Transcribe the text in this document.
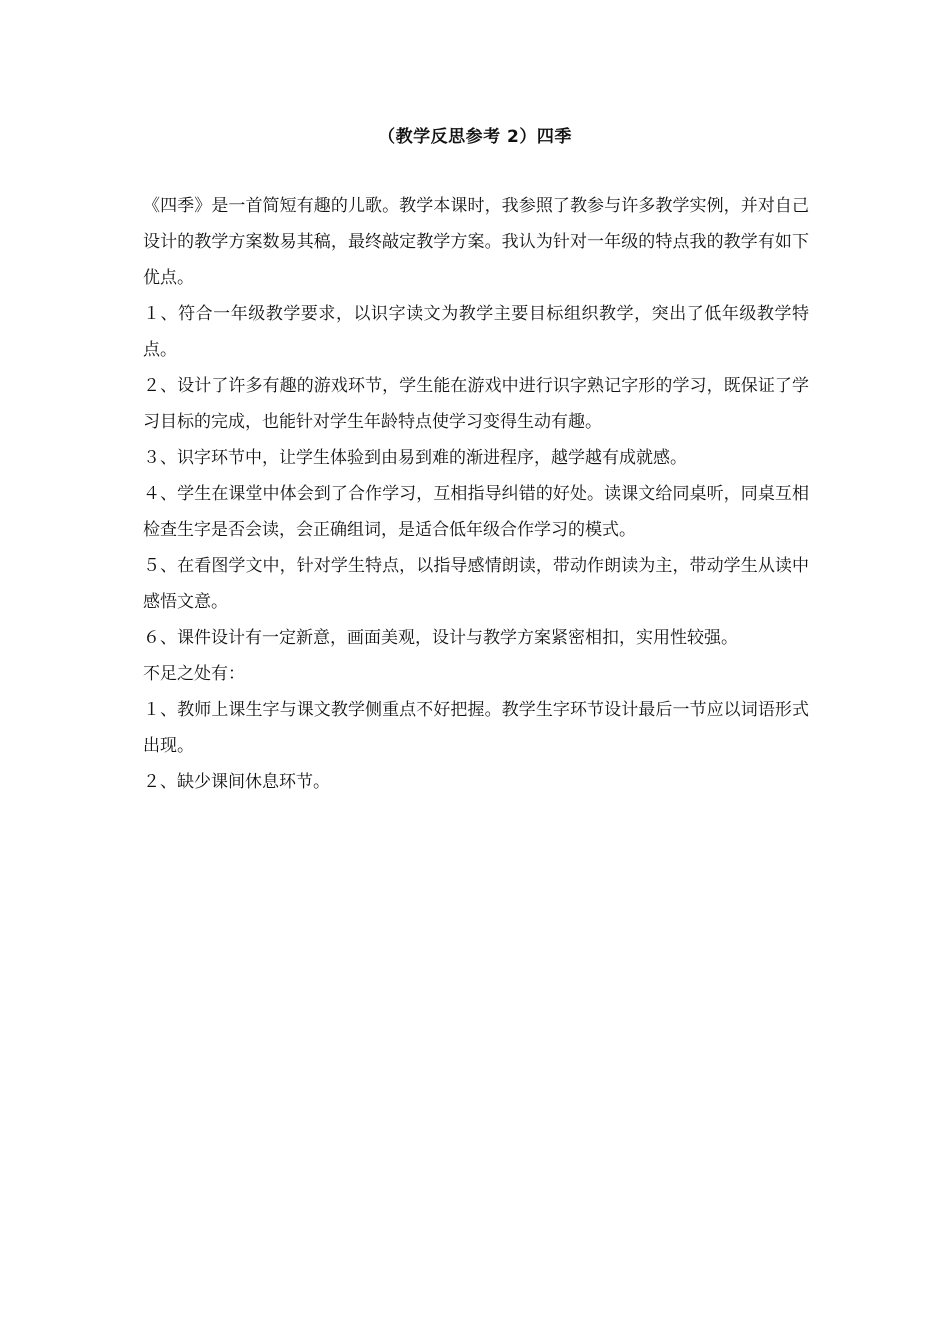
（教学反思参考 2）四季

《四季》是一首简短有趣的儿歌。教学本课时，我参照了教参与许多教学实例，并对自己设计的教学方案数易其稿，最终敲定教学方案。我认为针对一年级的特点我的教学有如下优点。

１、符合一年级教学要求，以识字读文为教学主要目标组织教学，突出了低年级教学特点。

２、设计了许多有趣的游戏环节，学生能在游戏中进行识字熟记字形的学习，既保证了学习目标的完成，也能针对学生年龄特点使学习变得生动有趣。

３、识字环节中，让学生体验到由易到难的渐进程序，越学越有成就感。

４、学生在课堂中体会到了合作学习，互相指导纠错的好处。读课文给同桌听，同桌互相检查生字是否会读，会正确组词，是适合低年级合作学习的模式。

５、在看图学文中，针对学生特点，以指导感情朗读，带动作朗读为主，带动学生从读中感悟文意。

６、课件设计有一定新意，画面美观，设计与教学方案紧密相扣，实用性较强。

不足之处有：

１、教师上课生字与课文教学侧重点不好把握。教学生字环节设计最后一节应以词语形式出现。

２、缺少课间休息环节。
